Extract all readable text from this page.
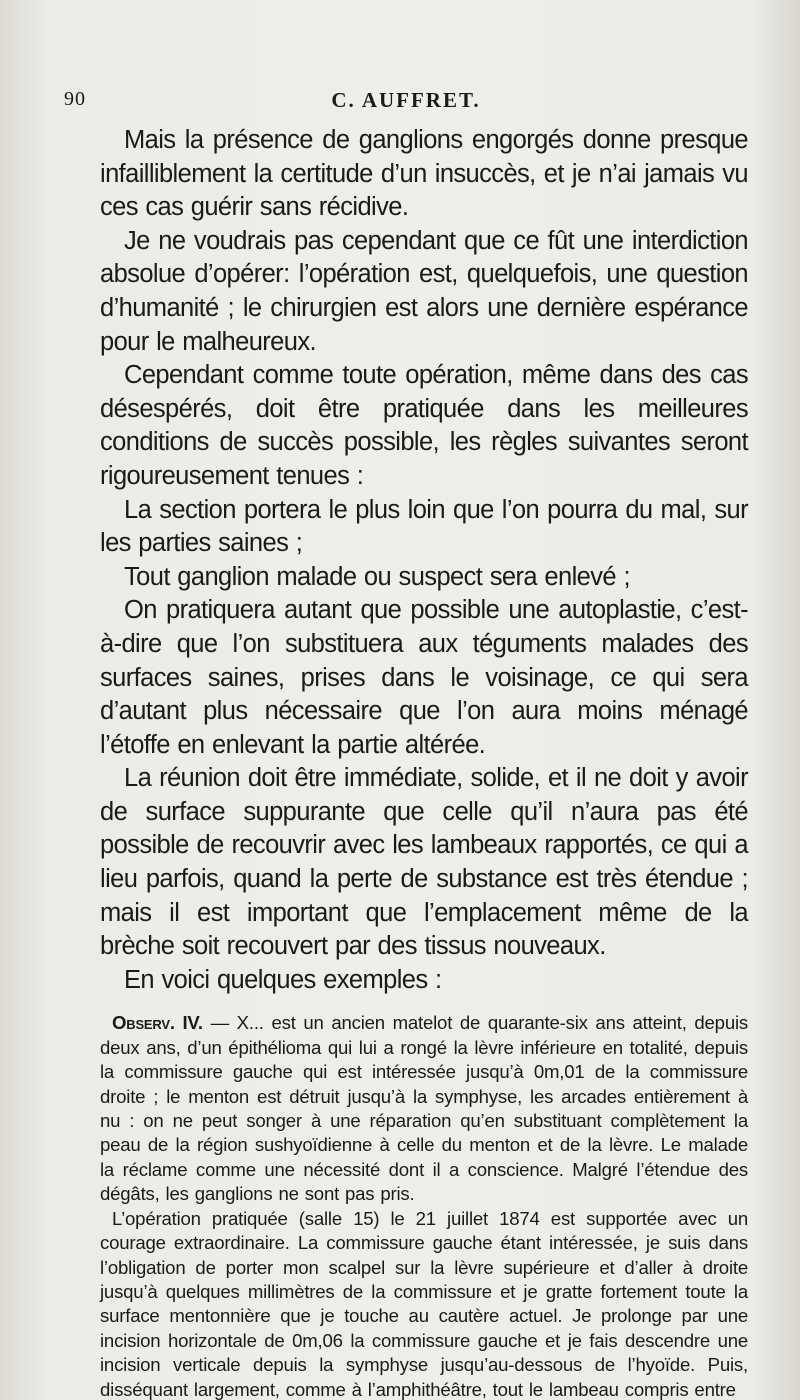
90	C. AUFFRET.

Mais la présence de ganglions engorgés donne presque infailliblement la certitude d’un insuccès, et je n’ai jamais vu ces cas guérir sans récidive.

Je ne voudrais pas cependant que ce fût une interdiction absolue d’opérer: l’opération est, quelquefois, une question d’humanité ; le chirurgien est alors une dernière espérance pour le malheureux.

Cependant comme toute opération, même dans des cas désespérés, doit être pratiquée dans les meilleures conditions de succès possible, les règles suivantes seront rigoureusement tenues :

La section portera le plus loin que l’on pourra du mal, sur les parties saines ;

Tout ganglion malade ou suspect sera enlevé ;

On pratiquera autant que possible une autoplastie, c’est-à-dire que l’on substituera aux téguments malades des surfaces saines, prises dans le voisinage, ce qui sera d’autant plus nécessaire que l’on aura moins ménagé l’étoffe en enlevant la partie altérée.

La réunion doit être immédiate, solide, et il ne doit y avoir de surface suppurante que celle qu’il n’aura pas été possible de recouvrir avec les lambeaux rapportés, ce qui a lieu parfois, quand la perte de substance est très étendue ; mais il est important que l’emplacement même de la brèche soit recouvert par des tissus nouveaux.

En voici quelques exemples :

Observ. IV. — X... est un ancien matelot de quarante-six ans atteint, depuis deux ans, d’un épithélioma qui lui a rongé la lèvre inférieure en totalité, depuis la commissure gauche qui est intéressée jusqu’à 0m,01 de la commissure droite ; le menton est détruit jusqu’à la symphyse, les arcades entièrement à nu : on ne peut songer à une réparation qu’en substituant complètement la peau de la région sushyoïdienne à celle du menton et de la lèvre. Le malade la réclame comme une nécessité dont il a conscience. Malgré l’étendue des dégâts, les ganglions ne sont pas pris.

L’opération pratiquée (salle 15) le 21 juillet 1874 est supportée avec un courage extraordinaire. La commissure gauche étant intéressée, je suis dans l’obligation de porter mon scalpel sur la lèvre supérieure et d’aller à droite jusqu’à quelques millimètres de la commissure et je gratte fortement toute la surface mentonnière que je touche au cautère actuel. Je prolonge par une incision horizontale de 0m,06 la commissure gauche et je fais descendre une incision verticale depuis la symphyse jusqu’au-dessous de l’hyoïde. Puis, disséquant largement, comme à l’amphithéâtre, tout le lambeau compris entre
